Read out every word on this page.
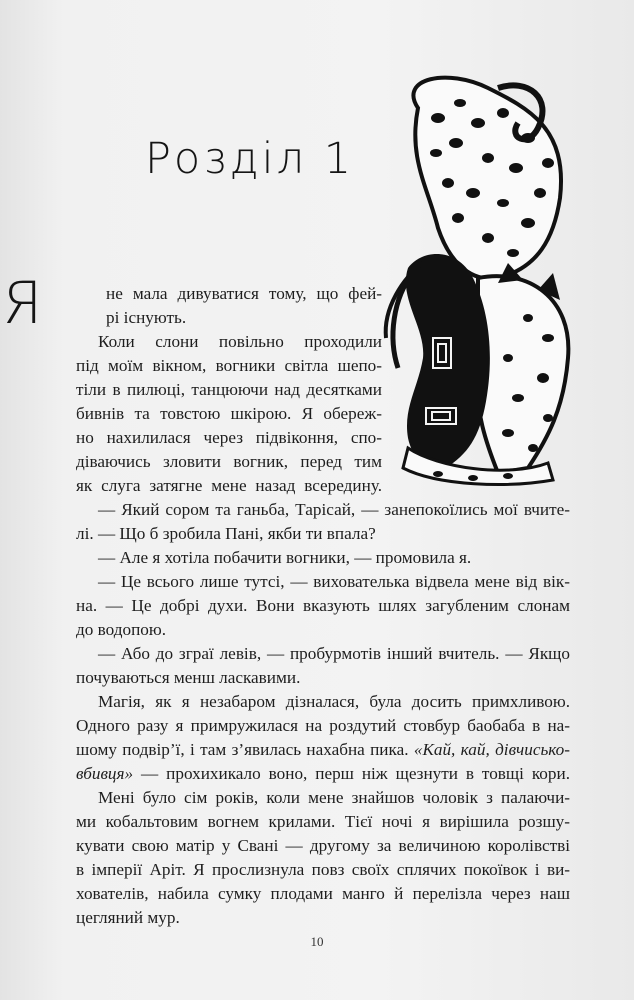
Розділ 1
Я	не мала дивуватися тому, що фей-
рі існують.
Коли слони повільно проходили
під моїм вікном, вогники світла шепо-
тіли в пилюці, танцюючи над десятками
бивнів та товстою шкірою. Я обереж-
но нахилилася через підвіконня, спо-
діваючись зловити вогник, перед тим
як слуга затягне мене назад всередину.
— Який сором та ганьба, Тарісай, — занепокоїлись мої вчите-
лі. — Що б зробила Пані, якби ти впала?
— Але я хотіла побачити вогники, — промовила я.
— Це всього лише тутсі, — вихователька відвела мене від вік-
на. — Це добрі духи. Вони вказують шлях загубленим слонам
до водопою.
— Або до зграї левів, — пробурмотів інший вчитель. — Якщо
почуваються менш ласкавими.
Магія, як я незабаром дізналася, була досить примхливою.
Одного разу я примружилася на роздутий стовбур баобаба в на-
шому подвір’ї, і там з’явилась нахабна пика. «Кай, кай, дівчисько-
вбивця» — прохихикало воно, перш ніж щезнути в товщі кори.
Мені було сім років, коли мене знайшов чоловік з палаючи-
ми кобальтовим вогнем крилами. Тієї ночі я вирішила розшу-
кувати свою матір у Свані — другому за величиною королівстві
в імперії Аріт. Я прослизнула повз своїх сплячих покоївок і ви-
хователів, набила сумку плодами манго й перелізла через наш
цегляний мур.
10
